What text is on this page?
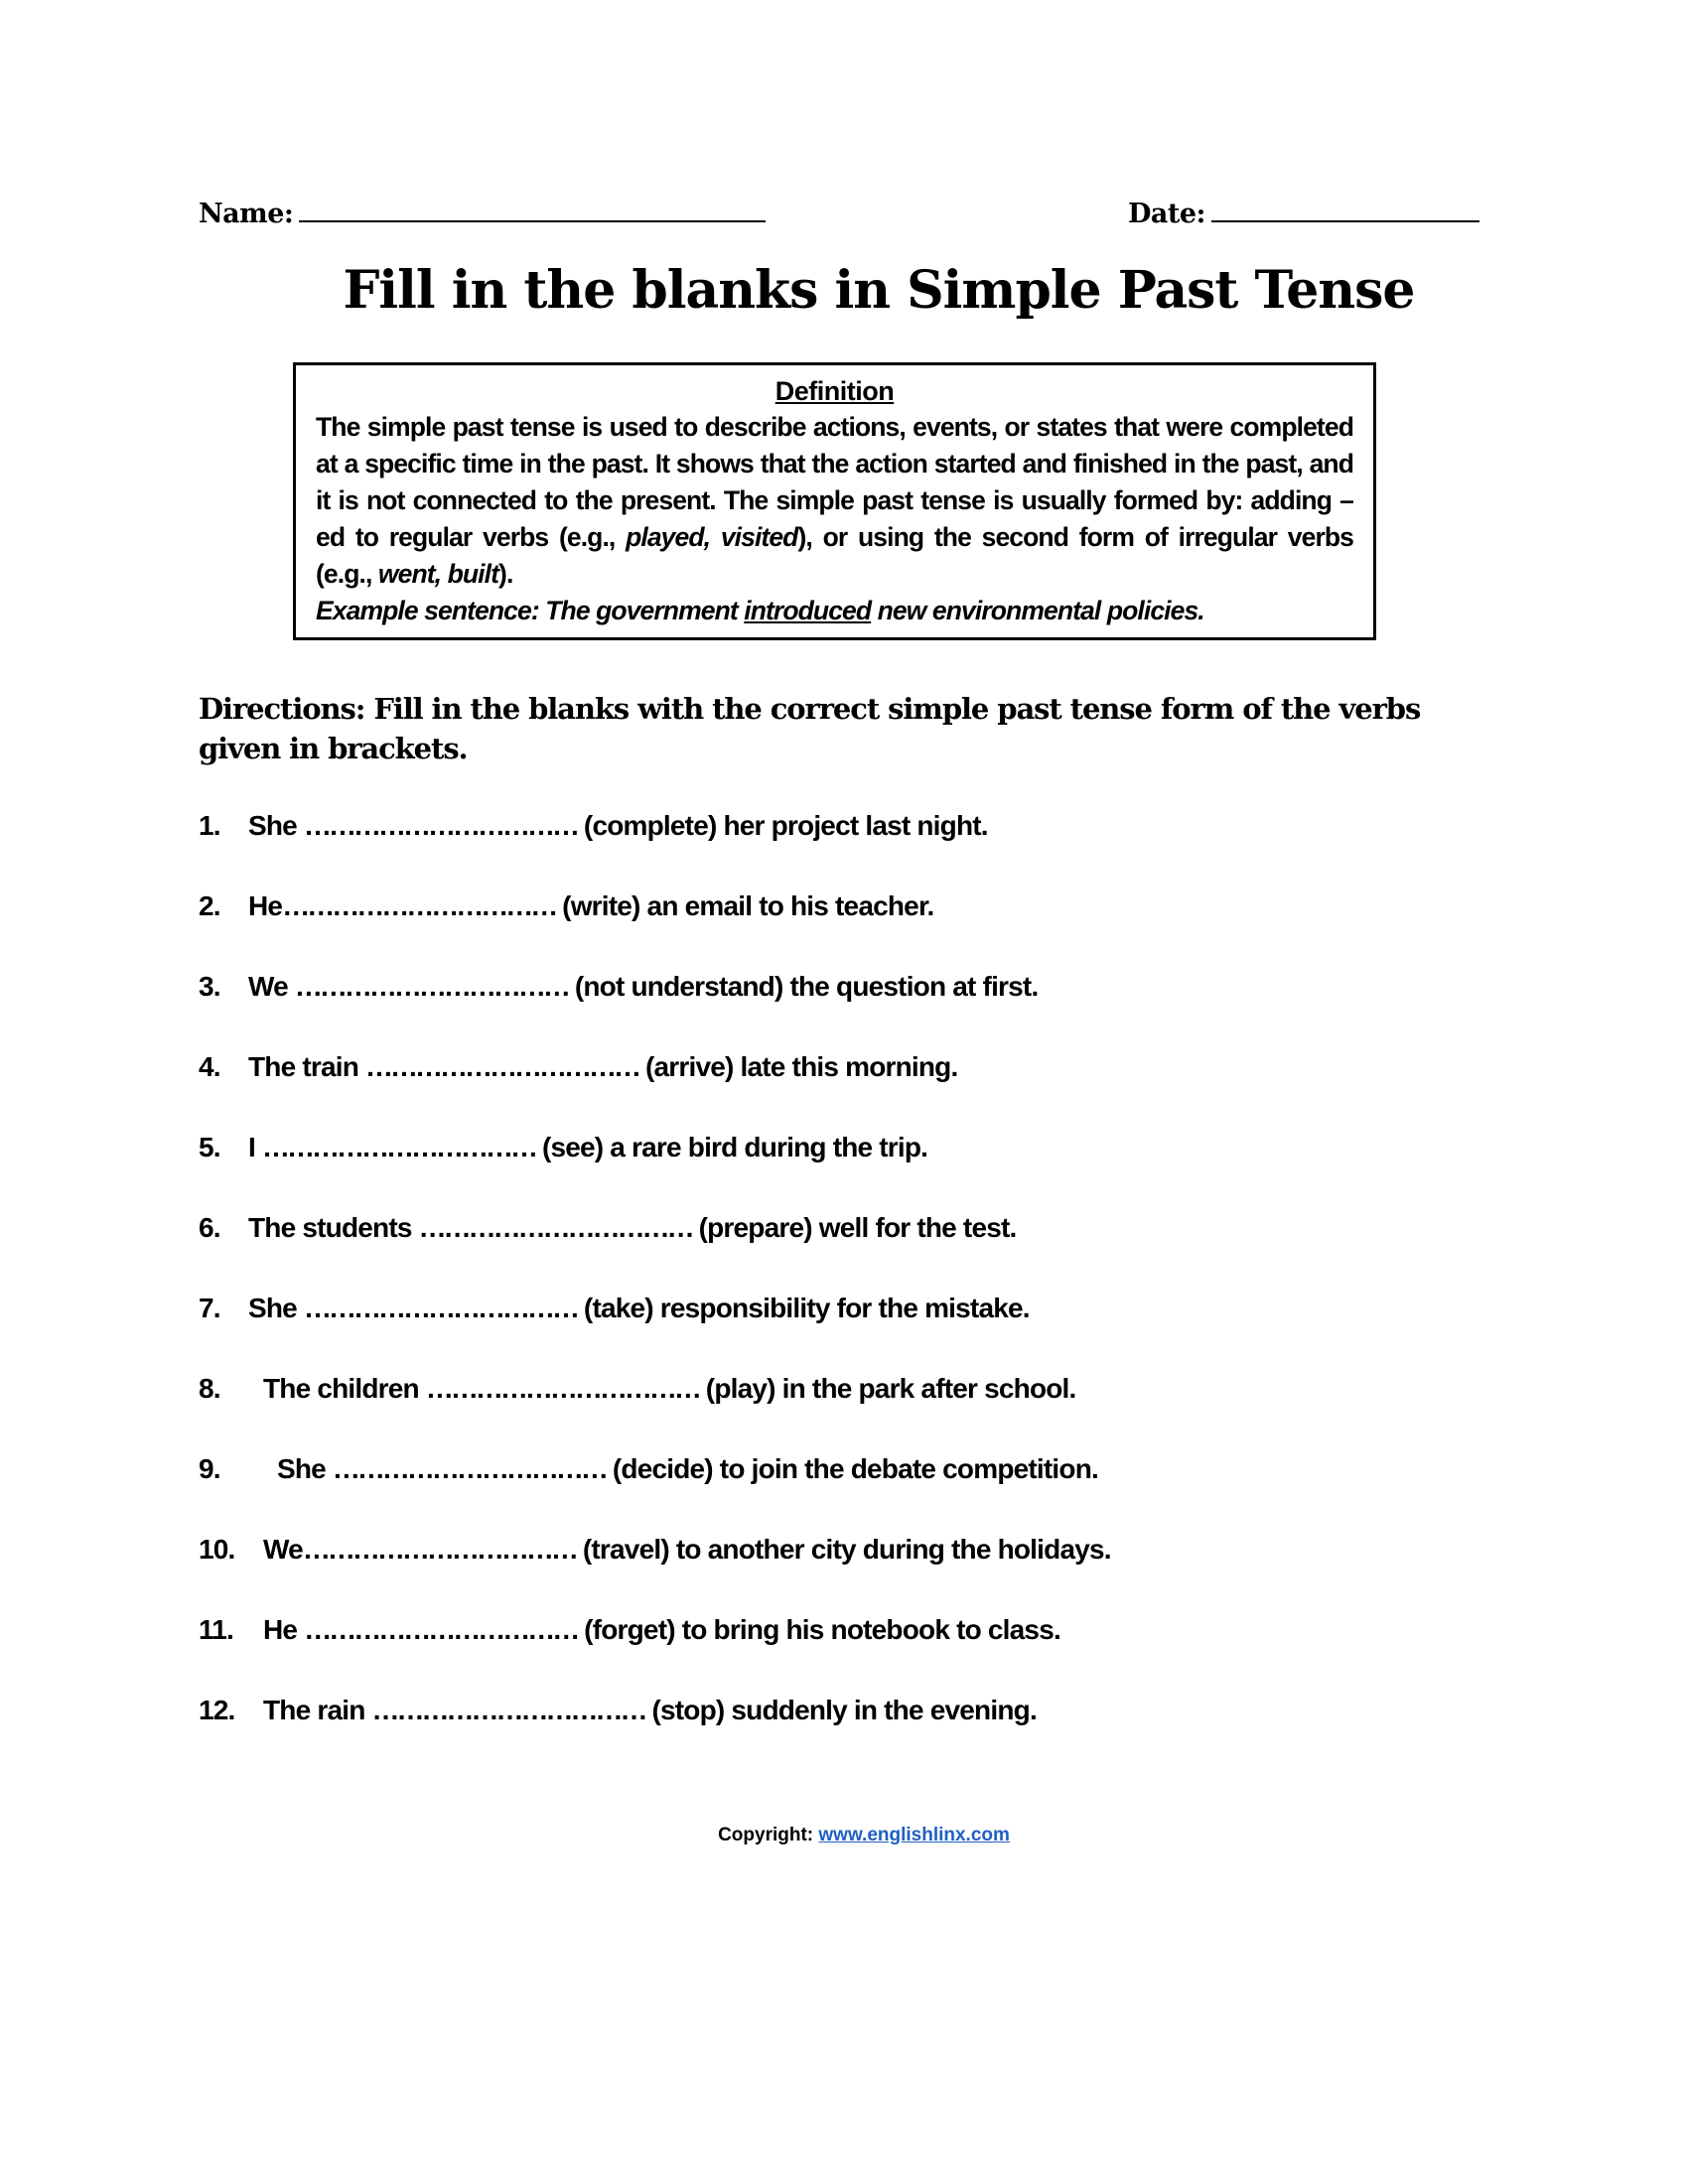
Name:	Date:
Fill in the blanks in Simple Past Tense
Definition
The simple past tense is used to describe actions, events, or states that were completed at a specific time in the past. It shows that the action started and finished in the past, and it is not connected to the present. The simple past tense is usually formed by: adding –ed to regular verbs (e.g., played, visited), or using the second form of irregular verbs (e.g., went, built).
Example sentence: The government introduced new environmental policies.
Directions: Fill in the blanks with the correct simple past tense form of the verbs given in brackets.
1. She …………………………… (complete) her project last night.
2. He…………………………… (write) an email to his teacher.
3. We …………………………… (not understand) the question at first.
4. The train …………………………… (arrive) late this morning.
5. I …………………………… (see) a rare bird during the trip.
6. The students …………………………… (prepare) well for the test.
7. She …………………………… (take) responsibility for the mistake.
8. The children …………………………… (play) in the park after school.
9.  She …………………………… (decide) to join the debate competition.
10. We…………………………… (travel) to another city during the holidays.
11. He …………………………… (forget) to bring his notebook to class.
12. The rain …………………………… (stop) suddenly in the evening.
Copyright: www.englishlinx.com
